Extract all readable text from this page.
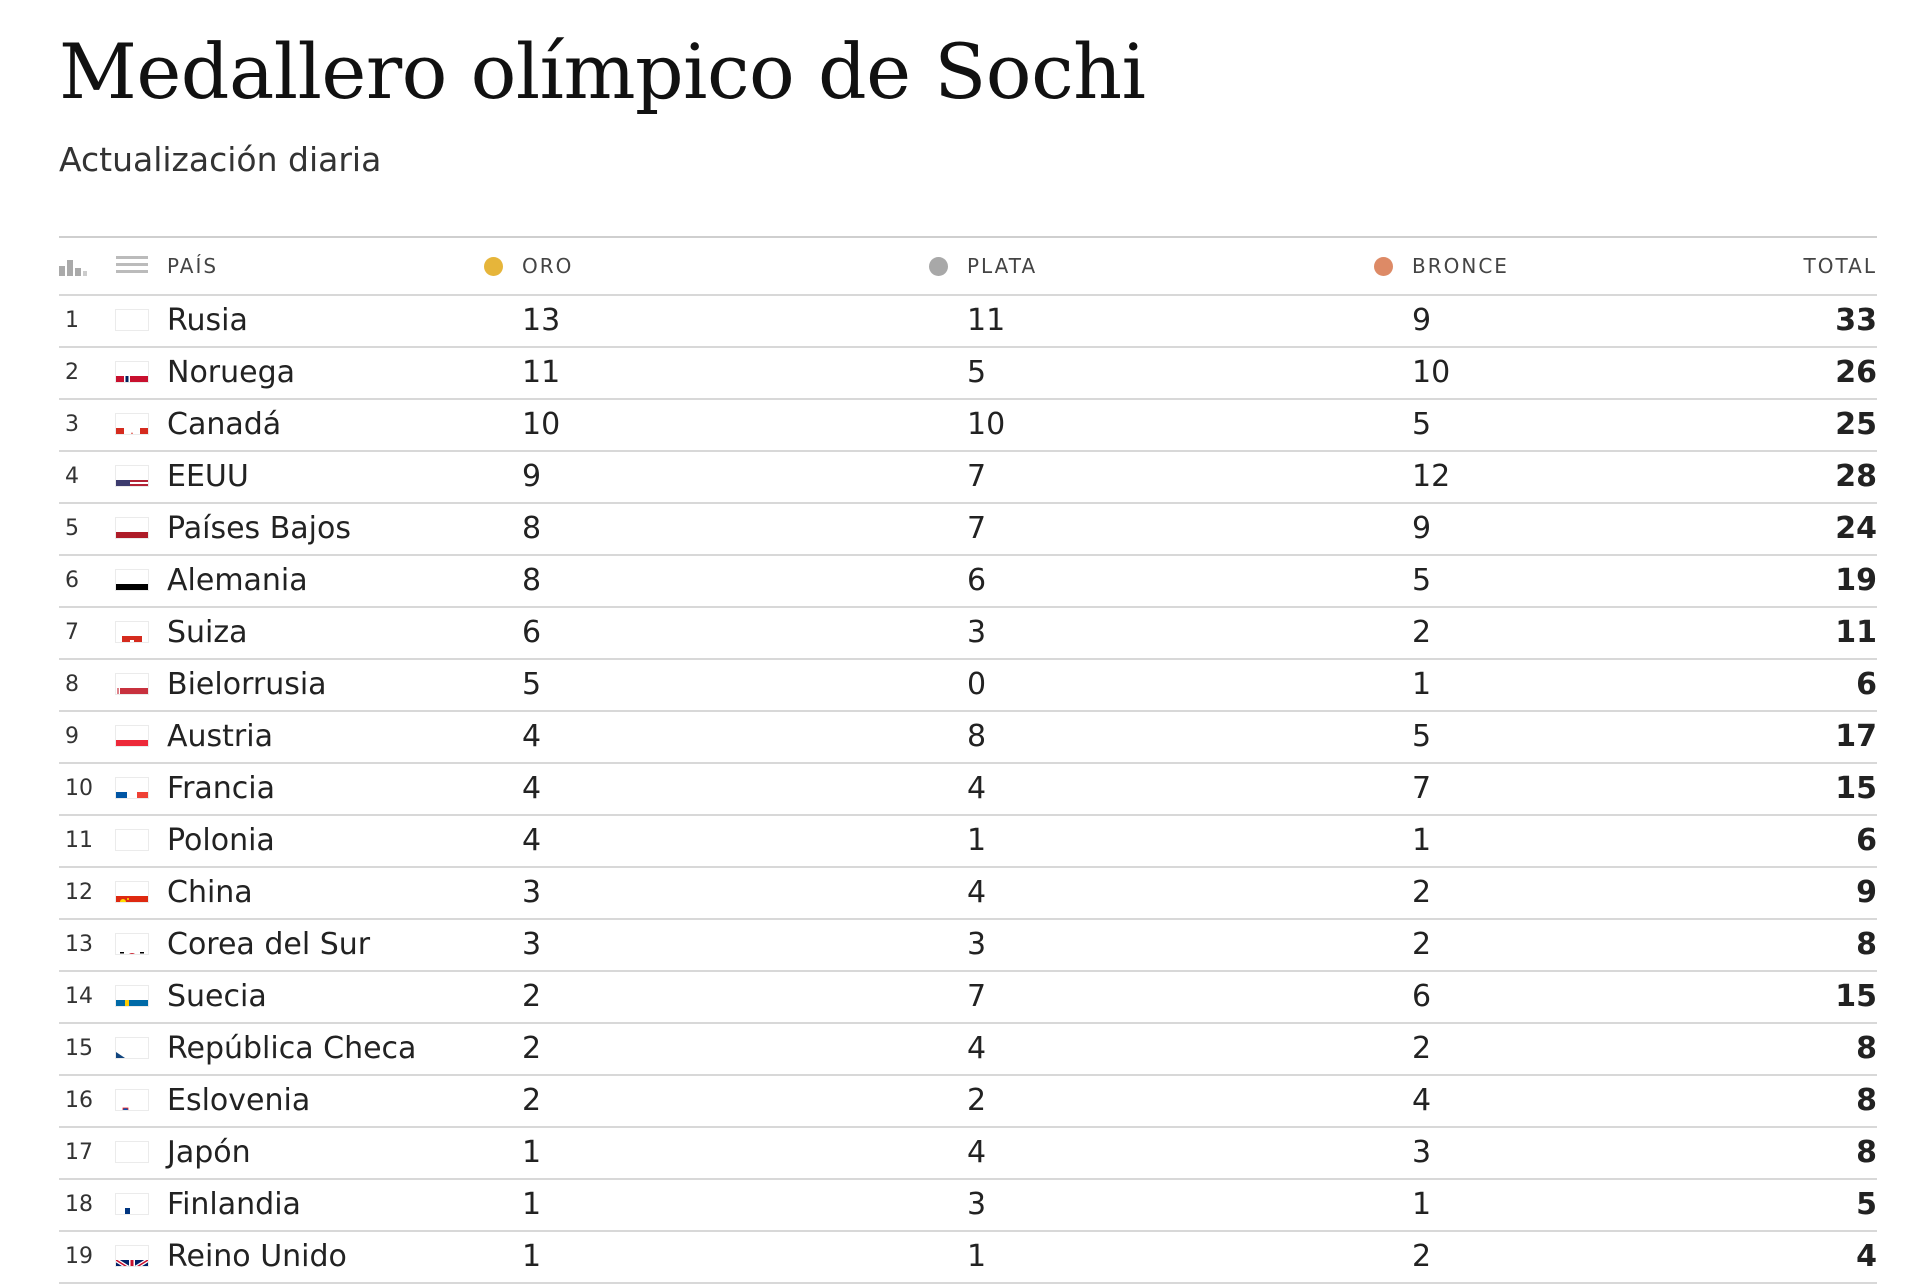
Medallero olímpico de Sochi
Actualización diaria
PAÍS	ORO	PLATA	BRONCE	TOTAL
1	Rusia	13	11	9	33
2	Noruega	11	5	10	26
3	Canadá	10	10	5	25
4	EEUU	9	7	12	28
5	Países Bajos	8	7	9	24
6	Alemania	8	6	5	19
7	Suiza	6	3	2	11
8	Bielorrusia	5	0	1	6
9	Austria	4	8	5	17
10 Francia	4	4	7	15
11 Polonia	4	1	1	6
12 China	3	4	2	9
13 Corea del Sur	3	3	2	8
14 Suecia	2	7	6	15
15 República Checa	2	4	2	8
16 Eslovenia	2	2	4	8
17 Japón	1	4	3	8
18 Finlandia	1	3	1	5
19 Reino Unido	1	1	2	4
